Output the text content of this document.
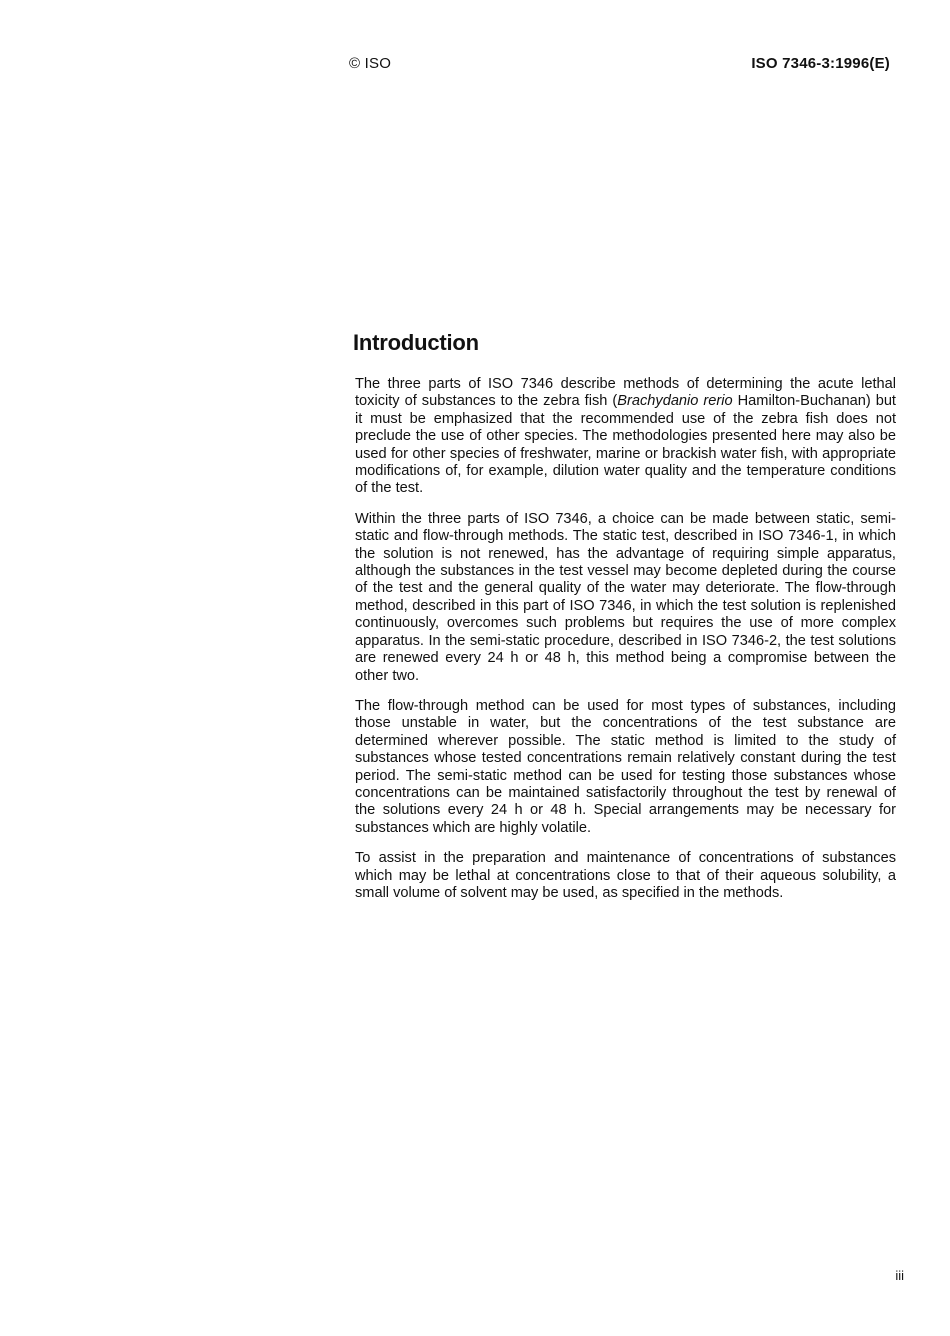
© ISO	ISO 7346-3:1996(E)
Introduction

The three parts of ISO 7346 describe methods of determining the acute lethal toxicity of substances to the zebra fish (Brachydanio rerio Hamilton-Buchanan) but it must be emphasized that the recommended use of the zebra fish does not preclude the use of other species. The methodologies presented here may also be used for other species of freshwater, marine or brackish water fish, with appropriate modifications of, for example, dilution water quality and the temperature conditions of the test.

Within the three parts of ISO 7346, a choice can be made between static, semi-static and flow-through methods. The static test, described in ISO 7346-1, in which the solution is not renewed, has the advantage of requiring simple apparatus, although the substances in the test vessel may become depleted during the course of the test and the general quality of the water may deteriorate. The flow-through method, described in this part of ISO 7346, in which the test solution is replenished continuously, overcomes such problems but requires the use of more complex apparatus. In the semi-static procedure, described in ISO 7346-2, the test solutions are renewed every 24 h or 48 h, this method being a compromise between the other two.

The flow-through method can be used for most types of substances, including those unstable in water, but the concentrations of the test substance are determined wherever possible. The static method is limited to the study of substances whose tested concentrations remain relatively constant during the test period. The semi-static method can be used for testing those substances whose concentrations can be maintained satisfactorily throughout the test by renewal of the solutions every 24 h or 48 h. Special arrangements may be necessary for substances which are highly volatile.

To assist in the preparation and maintenance of concentrations of substances which may be lethal at concentrations close to that of their aqueous solubility, a small volume of solvent may be used, as specified in the methods.

iii
